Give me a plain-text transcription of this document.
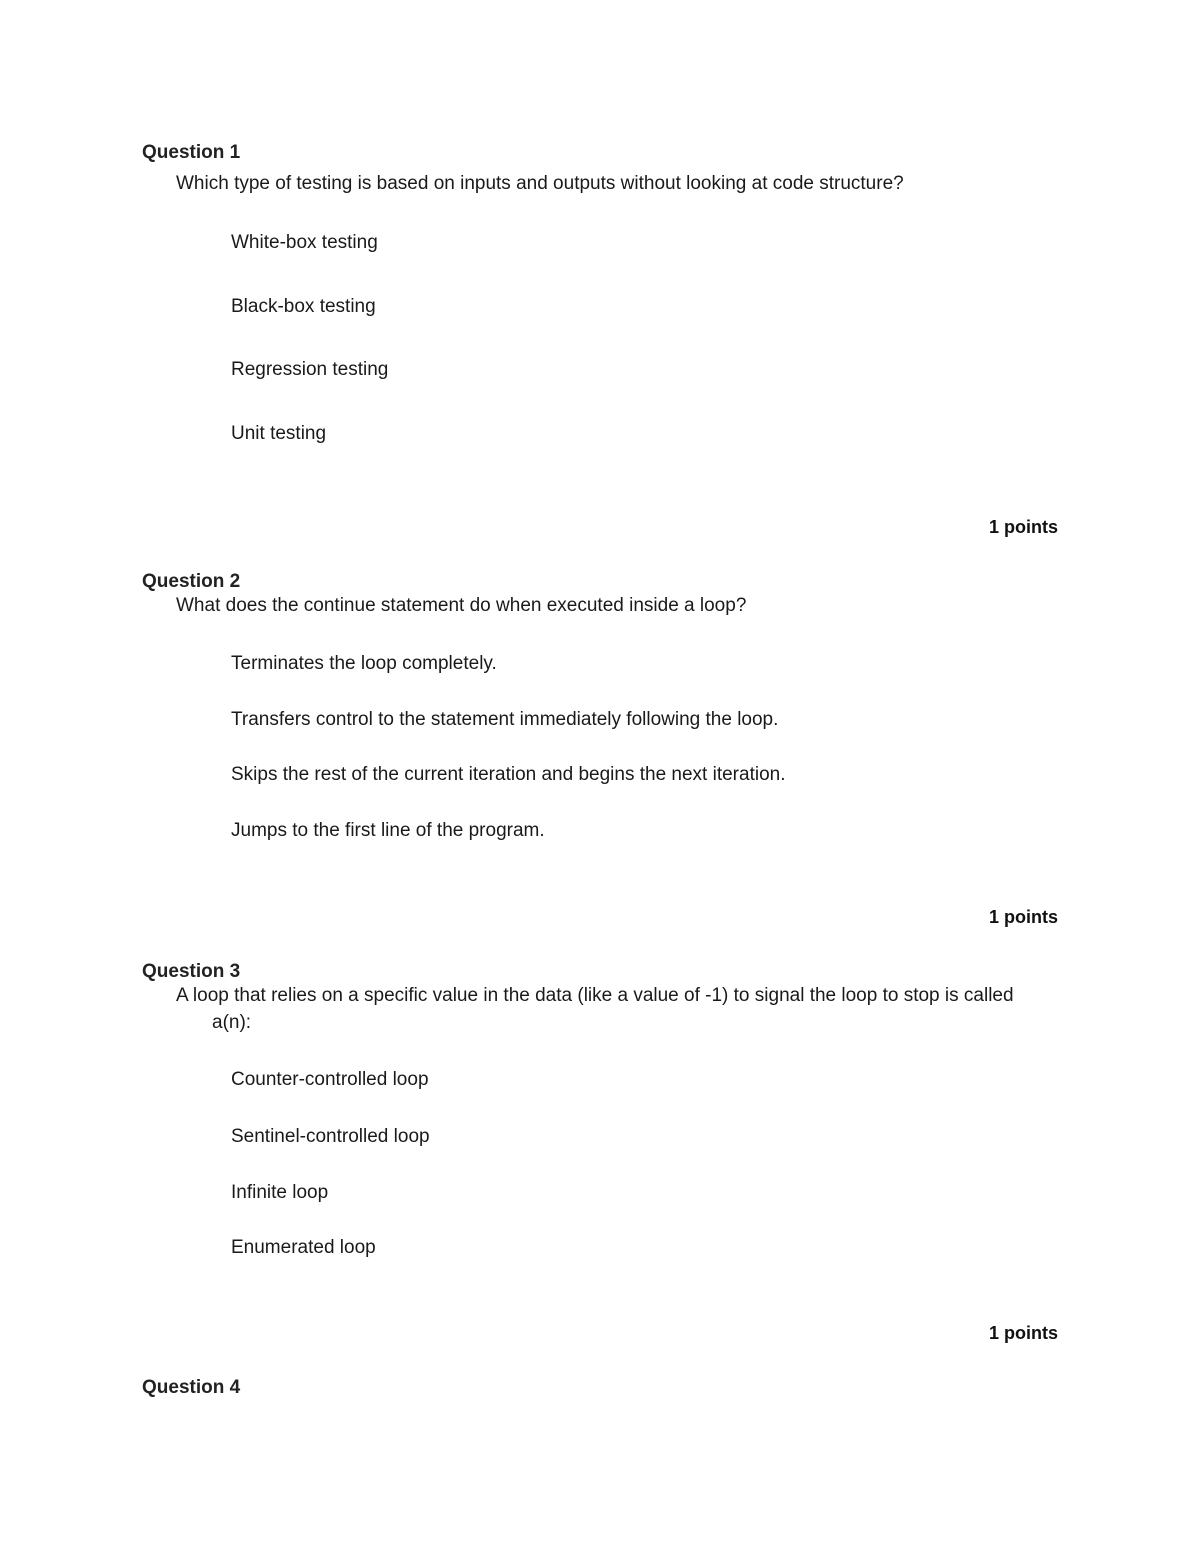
Question 1
Which type of testing is based on inputs and outputs without looking at code structure?
White-box testing
Black-box testing
Regression testing
Unit testing
1 points
Question 2
What does the continue statement do when executed inside a loop?
Terminates the loop completely.
Transfers control to the statement immediately following the loop.
Skips the rest of the current iteration and begins the next iteration.
Jumps to the first line of the program.
1 points
Question 3
A loop that relies on a specific value in the data (like a value of -1) to signal the loop to stop is called
a(n):
Counter-controlled loop
Sentinel-controlled loop
Infinite loop
Enumerated loop
1 points
Question 4
